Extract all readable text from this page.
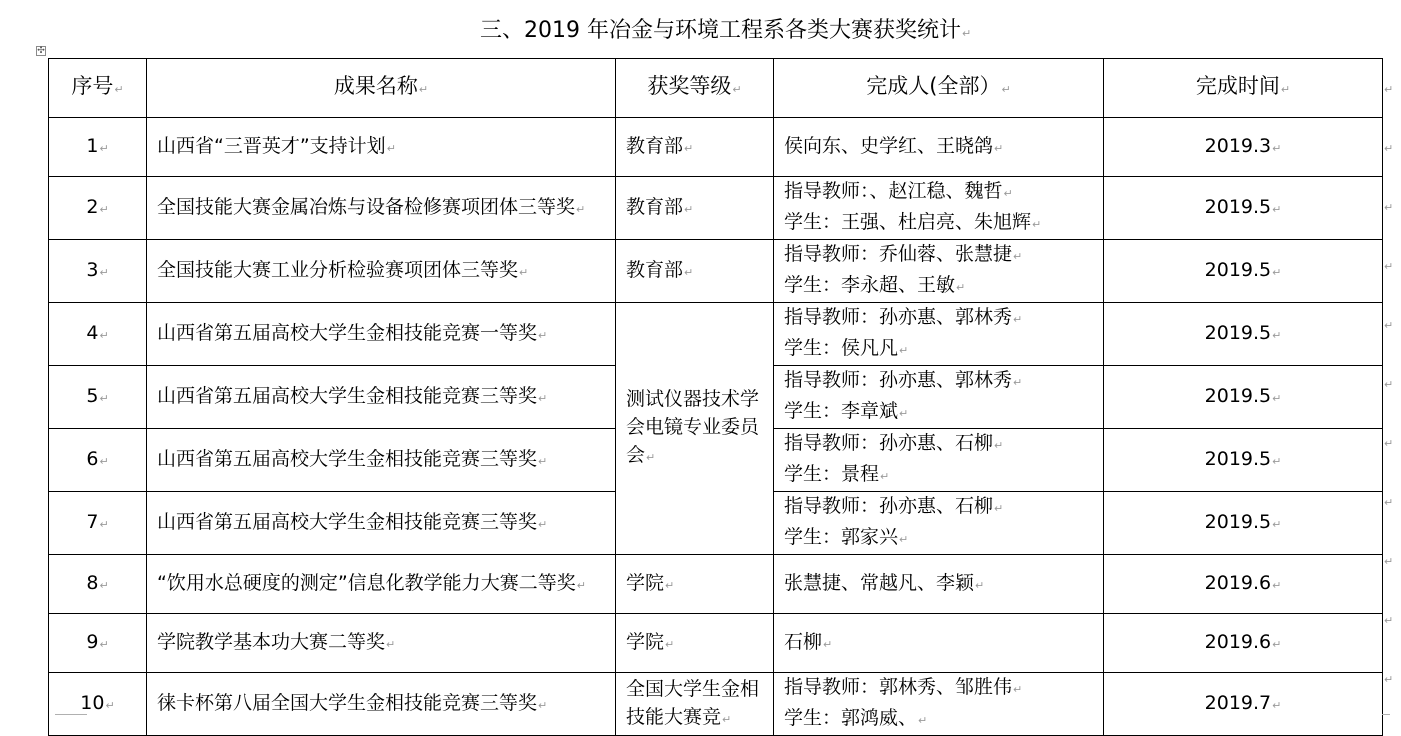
三、2019 年冶金与环境工程系各类大赛获奖统计↵
✣
序号↵	成果名称↵	获奖等级↵	完成人(全部）↵	完成时间↵

1↵	山西省“三晋英才”支持计划↵	教育部↵	侯向东、史学红、王晓鸽↵	2019.3↵

2↵	全国技能大赛金属冶炼与设备检修赛项团体三等奖↵	教育部↵	指导教师：、赵江稳、魏哲↵
学生：王强、杜启亮、朱旭辉↵	2019.5↵

3↵	全国技能大赛工业分析检验赛项团体三等奖↵	教育部↵	指导教师：乔仙蓉、张慧捷↵
学生：李永超、王敏↵	2019.5↵

4↵	山西省第五届高校大学生金相技能竞赛一等奖↵	测试仪器技术学会电镜专业委员会↵	指导教师：孙亦惠、郭林秀↵
学生：侯凡凡↵	2019.5↵

5↵	山西省第五届高校大学生金相技能竞赛三等奖↵		指导教师：孙亦惠、郭林秀↵
学生：李章斌↵	2019.5↵

6↵	山西省第五届高校大学生金相技能竞赛三等奖↵		指导教师：孙亦惠、石柳↵
学生：景程↵	2019.5↵

7↵	山西省第五届高校大学生金相技能竞赛三等奖↵		指导教师：孙亦惠、石柳↵
学生：郭家兴↵	2019.5↵

8↵	“饮用水总硬度的测定”信息化教学能力大赛二等奖↵	学院↵	张慧捷、常越凡、李颖↵	2019.6↵

9↵	学院教学基本功大赛二等奖↵	学院↵	石柳↵	2019.6↵

10↵	徕卡杯第八届全国大学生金相技能竞赛三等奖↵	全国大学生金相技能大赛竞↵	指导教师：郭林秀、邹胜伟↵
学生：郭鸿威、↵	2019.7↵
↵
↵
↵
↵
↵
↵
↵
↵
↵
↵
↵
